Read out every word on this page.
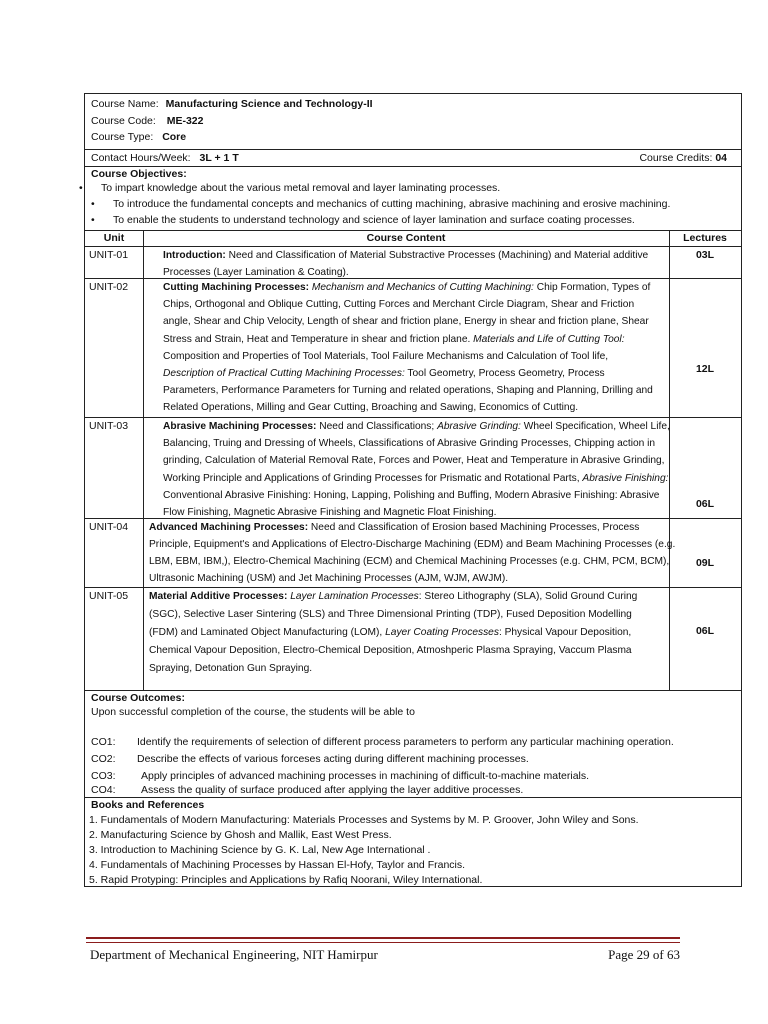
Course Name: Manufacturing Science and Technology-II
Course Code: ME-322
Course Type: Core
Contact Hours/Week: 3L + 1 T	Course Credits: 04
Course Objectives:
• To impart knowledge about the various metal removal and layer laminating processes.
• To introduce the fundamental concepts and mechanics of cutting machining, abrasive machining and erosive machining.
• To enable the students to understand technology and science of layer lamination and surface coating processes.
Unit	Course Content	Lectures
UNIT-01	Introduction: Need and Classification of Material Substractive Processes (Machining) and Material additive
Processes (Layer Lamination & Coating).
03L
UNIT-02	Cutting Machining Processes: Mechanism and Mechanics of Cutting Machining: Chip Formation, Types of
Chips, Orthogonal and Oblique Cutting, Cutting Forces and Merchant Circle Diagram, Shear and Friction
angle, Shear and Chip Velocity, Length of shear and friction plane, Energy in shear and friction plane, Shear
Stress and Strain, Heat and Temperature in shear and friction plane. Materials and Life of Cutting Tool:
Composition and Properties of Tool Materials, Tool Failure Mechanisms and Calculation of Tool life,
Description of Practical Cutting Machining Processes: Tool Geometry, Process Geometry, Process
Parameters, Performance Parameters for Turning and related operations, Shaping and Planning, Drilling and
Related Operations, Milling and Gear Cutting, Broaching and Sawing, Economics of Cutting.
12L
UNIT-03	Abrasive Machining Processes: Need and Classifications; Abrasive Grinding: Wheel Specification, Wheel Life,
Balancing, Truing and Dressing of Wheels, Classifications of Abrasive Grinding Processes, Chipping action in
grinding, Calculation of Material Removal Rate, Forces and Power, Heat and Temperature in Abrasive Grinding,
Working Principle and Applications of Grinding Processes for Prismatic and Rotational Parts, Abrasive Finishing:
Conventional Abrasive Finishing: Honing, Lapping, Polishing and Buffing, Modern Abrasive Finishing: Abrasive
Flow Finishing, Magnetic Abrasive Finishing and Magnetic Float Finishing.
06L
UNIT-04 Advanced Machining Processes: Need and Classification of Erosion based Machining Processes, Process
Principle, Equipment's and Applications of Electro-Discharge Machining (EDM) and Beam Machining Processes (e.g.
LBM, EBM, IBM,), Electro-Chemical Machining (ECM) and Chemical Machining Processes (e.g. CHM, PCM, BCM),
Ultrasonic Machining (USM) and Jet Machining Processes (AJM, WJM, AWJM).
09L
UNIT-05 Material Additive Processes: Layer Lamination Processes: Stereo Lithography (SLA), Solid Ground Curing
(SGC), Selective Laser Sintering (SLS) and Three Dimensional Printing (TDP), Fused Deposition Modelling
(FDM) and Laminated Object Manufacturing (LOM), Layer Coating Processes: Physical Vapour Deposition,
Chemical Vapour Deposition, Electro-Chemical Deposition, Atmoshperic Plasma Spraying, Vaccum Plasma
Spraying, Detonation Gun Spraying.
06L
Course Outcomes:
Upon successful completion of the course, the students will be able to
CO1: Identify the requirements of selection of different process parameters to perform any particular machining operation.
CO2: Describe the effects of various forceses acting during different machining processes.
CO3: Apply principles of advanced machining processes in machining of difficult-to-machine materials.
CO4: Assess the quality of surface produced after applying the layer additive processes.
Books and References
1. Fundamentals of Modern Manufacturing: Materials Processes and Systems by M. P. Groover, John Wiley and Sons.
2. Manufacturing Science by Ghosh and Mallik, East West Press.
3. Introduction to Machining Science by G. K. Lal, New Age International .
4. Fundamentals of Machining Processes by Hassan El-Hofy, Taylor and Francis.
5. Rapid Protyping: Principles and Applications by Rafiq Noorani, Wiley International.
Department of Mechanical Engineering, NIT Hamirpur	Page 29 of 63
